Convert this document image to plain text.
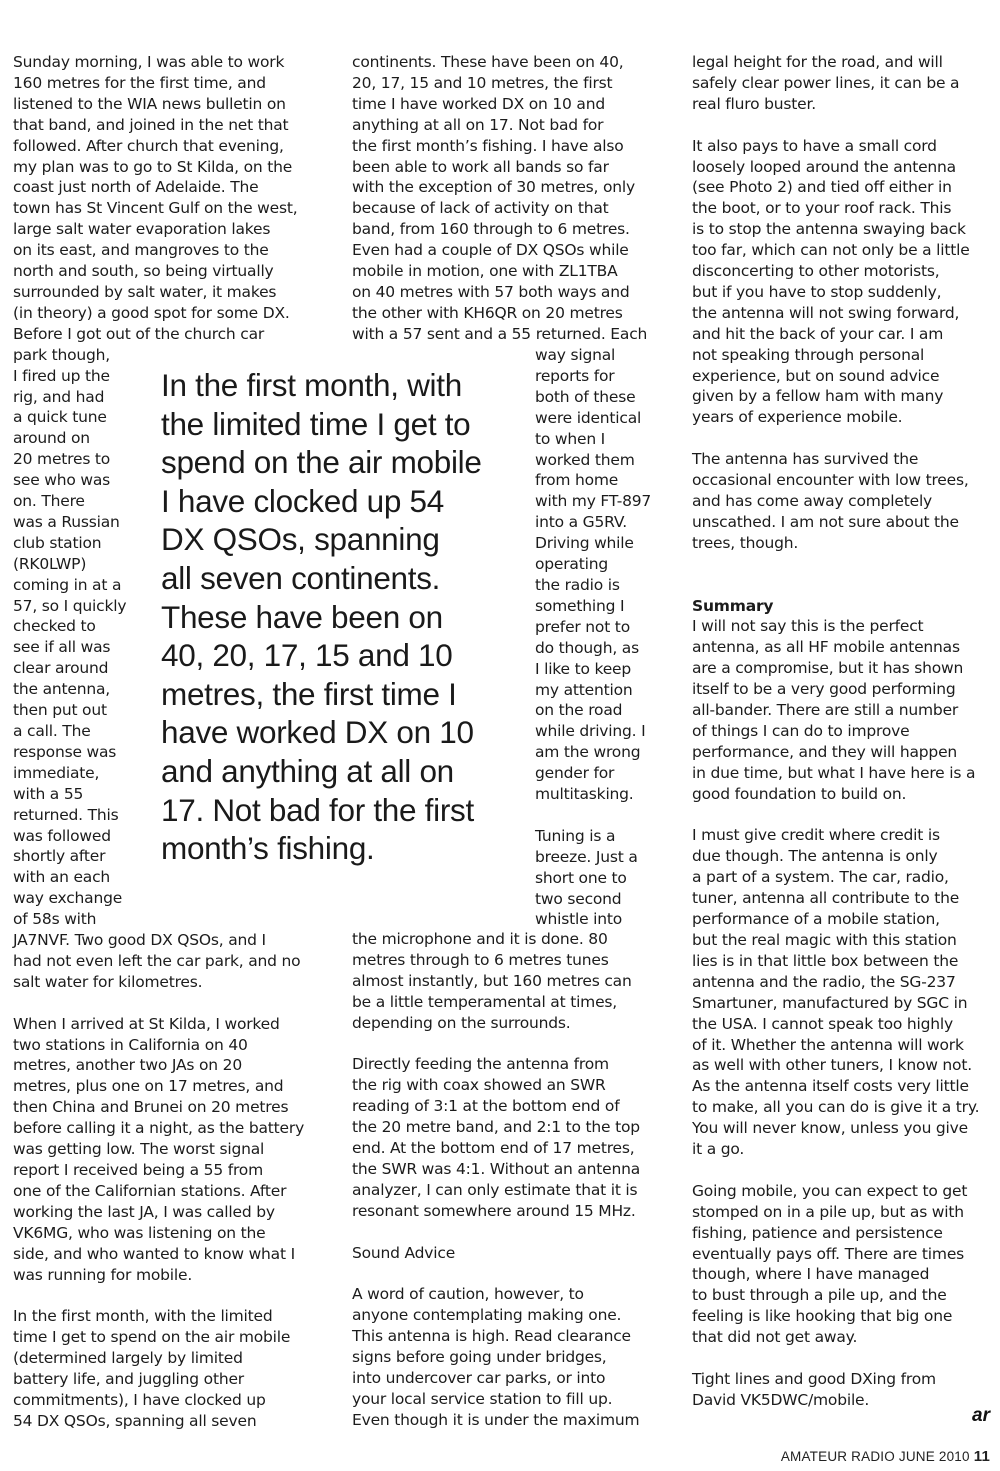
Sunday morning, I was able to work
160 metres for the first time, and
listened to the WIA news bulletin on
that band, and joined in the net that
followed. After church that evening,
my plan was to go to St Kilda, on the
coast just north of Adelaide. The
town has St Vincent Gulf on the west,
large salt water evaporation lakes
on its east, and mangroves to the
north and south, so being virtually
surrounded by salt water, it makes
(in theory) a good spot for some DX.
Before I got out of the church car

park though,
I fired up the
rig, and had
a quick tune
around on
20 metres to
see who was
on. There
was a Russian
club station
(RK0LWP)
coming in at a
57, so I quickly
checked to
see if all was
clear around
the antenna,
then put out
a call. The
response was
immediate,
with a 55
returned. This
was followed
shortly after
with an each
way exchange
of 58s with

JA7NVF. Two good DX QSOs, and I
had not even left the car park, and no
salt water for kilometres.

When I arrived at St Kilda, I worked
two stations in California on 40
metres, another two JAs on 20
metres, plus one on 17 metres, and
then China and Brunei on 20 metres
before calling it a night, as the battery
was getting low. The worst signal
report I received being a 55 from
one of the Californian stations. After
working the last JA, I was called by
VK6MG, who was listening on the
side, and who wanted to know what I
was running for mobile.

In the first month, with the limited
time I get to spend on the air mobile
(determined largely by limited
battery life, and juggling other
commitments), I have clocked up
54 DX QSOs, spanning all seven

continents. These have been on 40,
20, 17, 15 and 10 metres, the first
time I have worked DX on 10 and
anything at all on 17. Not bad for
the first month’s fishing. I have also
been able to work all bands so far
with the exception of 30 metres, only
because of lack of activity on that
band, from 160 through to 6 metres.
Even had a couple of DX QSOs while
mobile in motion, one with ZL1TBA
on 40 metres with 57 both ways and
the other with KH6QR on 20 metres
with a 57 sent and a 55 returned. Each

way signal
reports for
both of these
were identical
to when I
worked them
from home
with my FT-897
into a G5RV.
Driving while
operating
the radio is
something I
prefer not to
do though, as
I like to keep
my attention
on the road
while driving. I
am the wrong
gender for
multitasking.

Tuning is a
breeze. Just a
short one to
two second
whistle into

the microphone and it is done. 80
metres through to 6 metres tunes
almost instantly, but 160 metres can
be a little temperamental at times,
depending on the surrounds.

Directly feeding the antenna from
the rig with coax showed an SWR
reading of 3:1 at the bottom end of
the 20 metre band, and 2:1 to the top
end. At the bottom end of 17 metres,
the SWR was 4:1. Without an antenna
analyzer, I can only estimate that it is
resonant somewhere around 15 MHz.

Sound Advice

A word of caution, however, to
anyone contemplating making one.
This antenna is high. Read clearance
signs before going under bridges,
into undercover car parks, or into
your local service station to fill up.
Even though it is under the maximum

legal height for the road, and will
safely clear power lines, it can be a
real fluro buster.

It also pays to have a small cord
loosely looped around the antenna
(see Photo 2) and tied off either in
the boot, or to your roof rack. This
is to stop the antenna swaying back
too far, which can not only be a little
disconcerting to other motorists,
but if you have to stop suddenly,
the antenna will not swing forward,
and hit the back of your car. I am
not speaking through personal
experience, but on sound advice
given by a fellow ham with many
years of experience mobile.

The antenna has survived the
occasional encounter with low trees,
and has come away completely
unscathed. I am not sure about the
trees, though.

Summary

I will not say this is the perfect
antenna, as all HF mobile antennas
are a compromise, but it has shown
itself to be a very good performing
all-bander. There are still a number
of things I can do to improve
performance, and they will happen
in due time, but what I have here is a
good foundation to build on.

I must give credit where credit is
due though. The antenna is only
a part of a system. The car, radio,
tuner, antenna all contribute to the
performance of a mobile station,
but the real magic with this station
lies is in that little box between the
antenna and the radio, the SG-237
Smartuner, manufactured by SGC in
the USA. I cannot speak too highly
of it. Whether the antenna will work
as well with other tuners, I know not.
As the antenna itself costs very little
to make, all you can do is give it a try.
You will never know, unless you give
it a go.

Going mobile, you can expect to get
stomped on in a pile up, but as with
fishing, patience and persistence
eventually pays off. There are times
though, where I have managed
to bust through a pile up, and the
feeling is like hooking that big one
that did not get away.

Tight lines and good DXing from
David VK5DWC/mobile.

In the first month, with
the limited time I get to
spend on the air mobile
I have clocked up 54
DX QSOs, spanning
all seven continents.
These have been on
40, 20, 17, 15 and 10
metres, the first time I
have worked DX on 10
and anything at all on
17. Not bad for the first
month’s fishing.
ar
AMATEUR RADIO JUNE 2010 11
